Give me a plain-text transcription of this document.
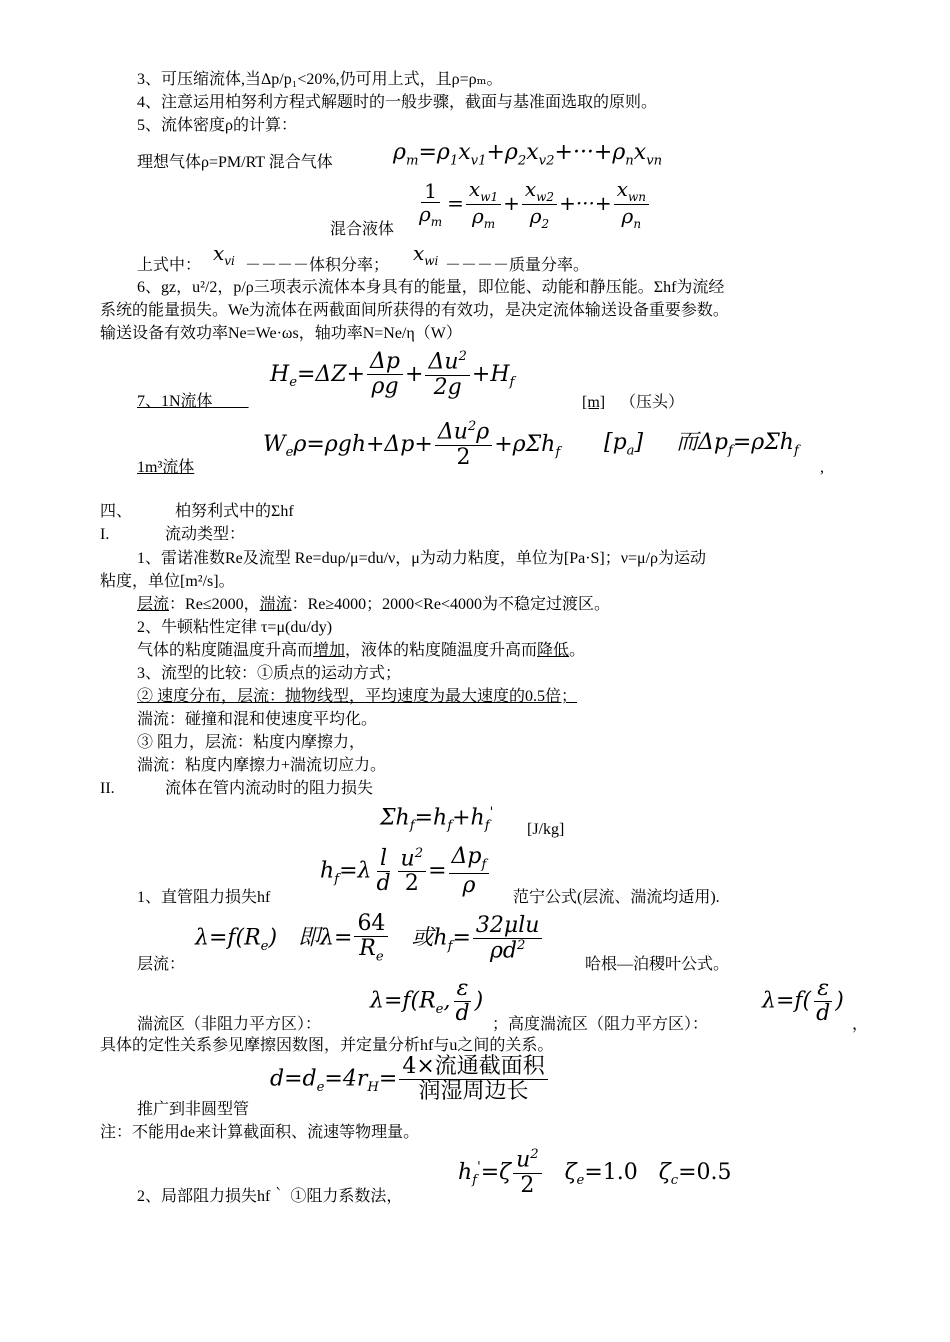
3、可压缩流体,当Δp/p₁<20%,仍可用上式，且ρ=ρₘ。
4、注意运用柏努利方程式解题时的一般步骤，截面与基准面选取的原则。
5、流体密度ρ的计算：
理想气体ρ=PM/RT 混合气体	$\rho_m=\rho_1x_{v1}+\rho_2x_{v2}+\cdot\cdot\cdot+\rho_nx_{vn}$
混合液体
$\frac{1}{\rho_m} = \frac{x_{w1}}{\rho_m} + \frac{x_{w2}}{\rho_2}$ +···+ $\frac{x_{wn}}{\rho_n}$
上式中：
$x_{vi}$ －－－－体积分率；
$x_{wi}$ －－－－质量分率。
6、gz，u²/2，p/ρ三项表示流体本身具有的能量，即位能、动能和静压能。Σhf为流经
系统的能量损失。We为流体在两截面间所获得的有效功，是决定流体输送设备重要参数。
输送设备有效功率Ne=We·ωs，轴功率N=Ne/η（W）
$H_e=\Delta Z+ \frac{\Delta p}{\rho g} + \frac{\Delta u^2}{2g} +H_f$
7、1N流体	[m] （压头）
$W_e\rho=\rho gh+\Delta p+ \frac{\Delta u^2\rho}{2} +\rho\Sigma h_f$ $[p_a]$ 而$\Delta p_f=\rho\Sigma h_f$
,
1m³流体
四、	柏努利式中的Σhf
I.	流动类型：
1、雷诺准数Re及流型 Re=duρ/μ=du/ν，μ为动力粘度，单位为[Pa·S]；ν=μ/ρ为运动
粘度，单位[m²/s]。
层流：Re≤2000，湍流：Re≥4000；2000<Re<4000为不稳定过渡区。
2、牛顿粘性定律 τ=μ(du/dy)
气体的粘度随温度升高而增加，液体的粘度随温度升高而降低。
3、流型的比较：①质点的运动方式；
② 速度分布，层流：抛物线型，平均速度为最大速度的0.5倍；
湍流：碰撞和混和使速度平均化。
③ 阻力，层流：粘度内摩擦力，
湍流：粘度内摩擦力+湍流切应力。
II.	流体在管内流动时的阻力损失
$\Sigma h_f=h_f+h_f'$
[J/kg]
$h_f=\lambda \frac{l}{d} \frac{u^2}{2} = \frac{\Delta p_f}{\rho}$
1、直管阻力损失hf	范宁公式(层流、湍流均适用).
$\lambda=f(R_e)$   即$\lambda= \frac{64}{R_e}$ 或$h_f= \frac{\text{32μlu}}{\rho d^2}$
层流：	哈根—泊稷叶公式。
$\lambda=f(R_e$, $\frac{\varepsilon}{d}$ )	$\lambda=f( \frac{\varepsilon}{d}$ )
湍流区（非阻力平方区）：	；高度湍流区（阻力平方区）：	，
具体的定性关系参见摩擦因数图，并定量分析hf与u之间的关系。
$d=d_e=4r_H= \frac{\text{4×流通截面积}}{\text{润湿周边长}}$
推广到非圆型管
注：不能用de来计算截面积、流速等物理量。
$h_f'=\zeta \frac{u^2}{2} \zeta_e=1.0$   $\zeta_c=0.5$
2、局部阻力损失hf｀ ①阻力系数法，
